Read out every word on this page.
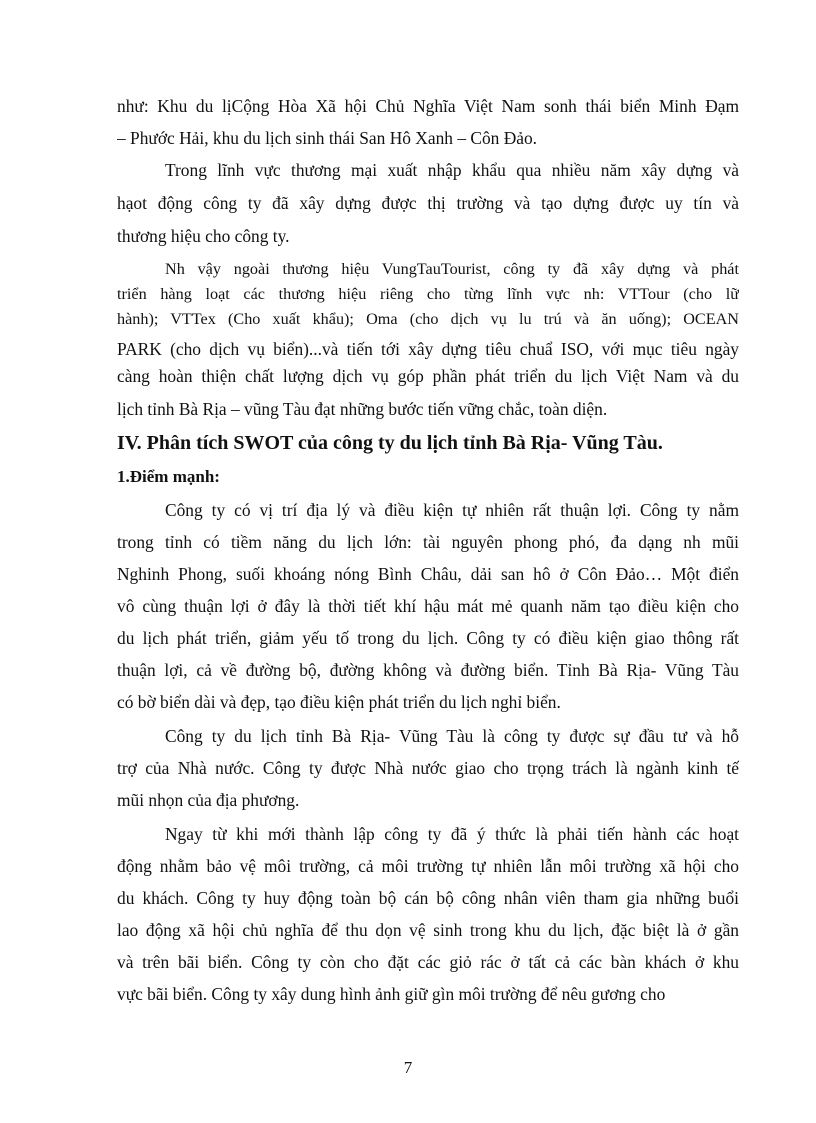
như: Khu du lịCộng Hòa Xã hội Chủ Nghĩa Việt Nam sonh thái biển Minh Đạm
– Phước Hải, khu du lịch sinh thái San Hô Xanh – Côn Đảo.
Trong lĩnh vực thương mại xuất nhập khẩu qua nhiều năm xây dựng và
hạot động công ty đã xây dựng được thị trường và tạo dựng được uy tín và
thương hiệu cho công ty.
Nh vậy ngoài thương hiệu VungTauTourist, công ty đã xây dựng và phát
triển hàng loạt các thương hiệu riêng cho từng lĩnh vực nh: VTTour (cho lữ
hành); VTTex (Cho xuất khẩu); Oma (cho dịch vụ lu trú và ăn uống); OCEAN
PARK (cho dịch vụ biển)...và tiến tới xây dựng tiêu chuẩ ISO, với mục tiêu ngày
càng hoàn thiện chất lượng dịch vụ góp phần phát triển du lịch Việt Nam và du
lịch tỉnh Bà Rịa – vũng Tàu đạt những bước tiến vững chắc, toàn diện.
IV. Phân tích SWOT của công ty du lịch tỉnh Bà Rịa- Vũng Tàu.
1.Điểm mạnh:
Công ty có vị trí địa lý và điều kiện tự nhiên rất thuận lợi. Công ty nằm
trong tỉnh có tiềm năng du lịch lớn: tài nguyên phong phó, đa dạng nh mũi
Nghinh Phong, suối khoáng nóng Bình Châu, dải san hô ở Côn Đảo… Một điển
vô cùng thuận lợi ở đây là thời tiết khí hậu mát mẻ quanh năm tạo điều kiện cho
du lịch phát triển, giảm yếu tố trong du lịch. Công ty có điều kiện giao thông rất
thuận lợi, cả về đường bộ, đường không và đường biển. Tỉnh Bà Rịa- Vũng Tàu
có bờ biển dài và đẹp, tạo điều kiện phát triển du lịch nghỉ biển.
Công ty du lịch tỉnh Bà Rịa- Vũng Tàu là công ty được sự đầu tư và hỗ
trợ của Nhà nước. Công ty được Nhà nước giao cho trọng trách là ngành kinh tế
mũi nhọn của địa phương.
Ngay từ khi mới thành lập công ty đã ý thức là phải tiến hành các hoạt
động nhằm bảo vệ môi trường, cả môi trường tự nhiên lẫn môi trường xã hội cho
du khách. Công ty huy động toàn bộ cán bộ công nhân viên tham gia những buổi
lao động xã hội chủ nghĩa để thu dọn vệ sinh trong khu du lịch, đặc biệt là ở gần
và trên bãi biển. Công ty còn cho đặt các giỏ rác ở tất cả các bàn khách ở khu
vực bãi biển. Công ty xây dung hình ảnh giữ gìn môi trường để nêu gương cho
7
